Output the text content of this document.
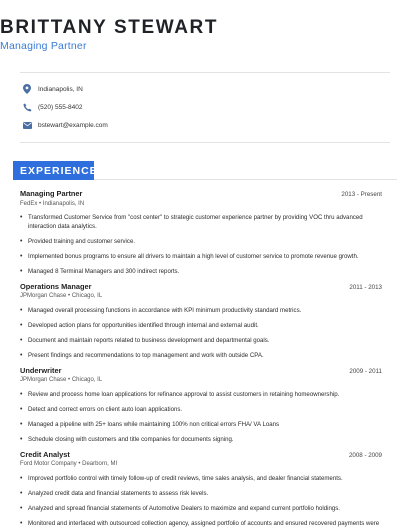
BRITTANY STEWART
Managing Partner
Indianapolis, IN
(520) 555-8402
bstewart@example.com
EXPERIENCE
Managing Partner	2013 - Present
FedEx • Indianapolis, IN
• Transformed Customer Service from "cost center" to strategic customer experience partner by providing VOC thru advanced interaction data analytics.
• Provided training and customer service.
• Implemented bonus programs to ensure all drivers to maintain a high level of customer service to promote revenue growth.
• Managed 8 Terminal Managers and 300 indirect reports.
Operations Manager	2011 - 2013
JPMorgan Chase • Chicago, IL
• Managed overall processing functions in accordance with KPI minimum productivity standard metrics.
• Developed action plans for opportunities identified through internal and external audit.
• Document and maintain reports related to business development and departmental goals.
• Present findings and recommendations to top management and work with outside CPA.
Underwriter	2009 - 2011
JPMorgan Chase • Chicago, IL
• Review and process home loan applications for refinance approval to assist customers in retaining homeownership.
• Detect and correct errors on client auto loan applications.
• Managed a pipeline with 25+ loans while maintaining 100% non critical errors FHA/ VA Loans
• Schedule closing with customers and title companies for documents signing.
Credit Analyst	2008 - 2009
Ford Motor Company • Dearborn, MI
• Improved portfolio control with timely follow-up of credit reviews, time sales analysis, and dealer financial statements.
• Analyzed credit data and financial statements to assess risk levels.
• Analyzed and spread financial statements of Automotive Dealers to maximize and expand current portfolio holdings.
• Monitored and interfaced with outsourced collection agency, assigned portfolio of accounts and ensured recovered payments were
